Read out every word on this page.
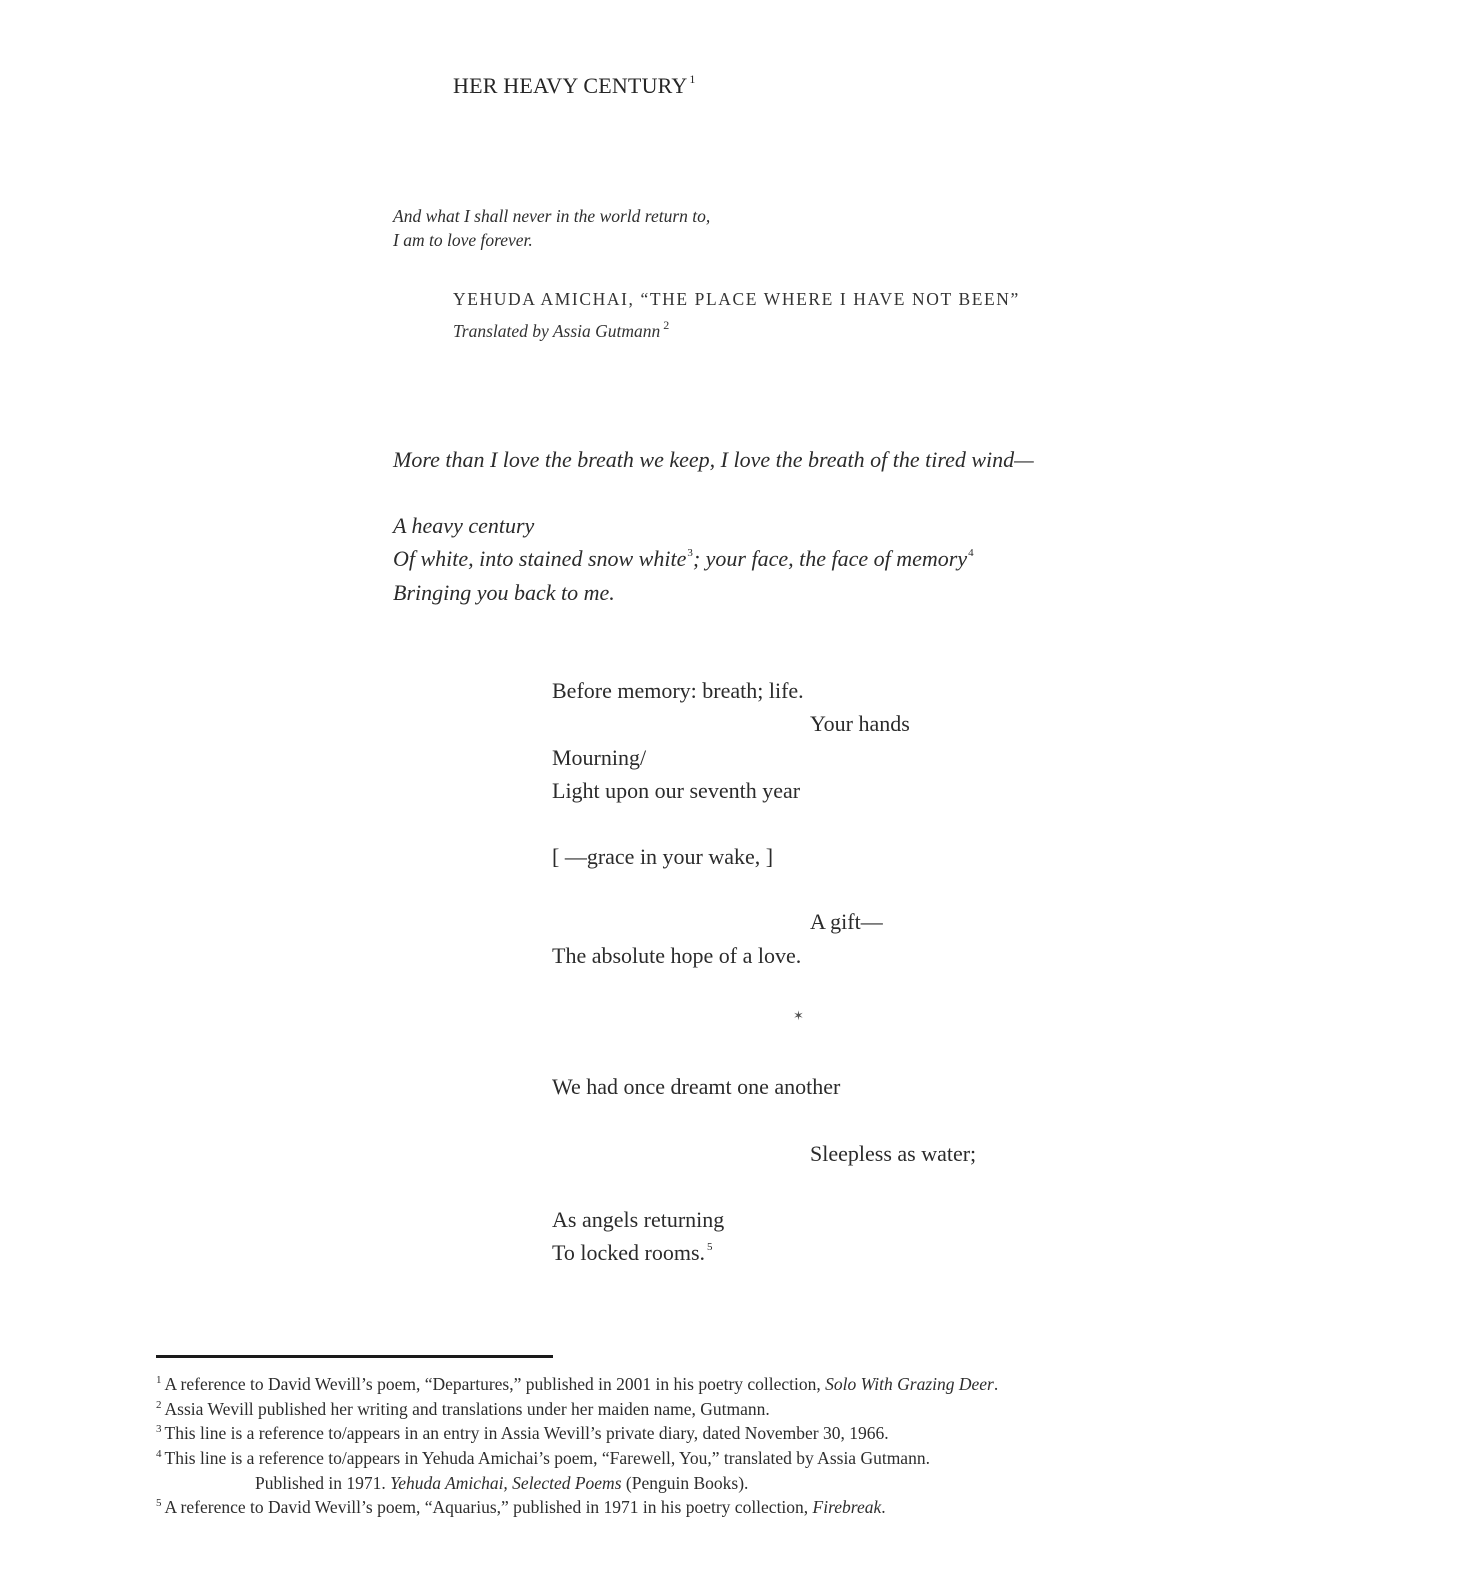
HER HEAVY CENTURY $^1$
And what I shall never in the world return to,
I am to love forever.
YEHUDA AMICHAI, “THE PLACE WHERE I HAVE NOT BEEN”
Translated by Assia Gutmann $^2$
More than I love the breath we keep, I love the breath of the tired wind—
A heavy century
Of white, into stained snow white$^3$; your face, the face of memory$^4$
Bringing you back to me.
Before memory: breath; life.
Your hands
Mourning/
Light upon our seventh year
[ —grace in your wake, ]
A gift—
The absolute hope of a love.
✶
We had once dreamt one another
Sleepless as water;
As angels returning
To locked rooms. $^5$
$^1$ A reference to David Wevill’s poem, “Departures,” published in 2001 in his poetry collection, Solo With Grazing Deer.
$^2$ Assia Wevill published her writing and translations under her maiden name, Gutmann.
$^3$ This line is a reference to/appears in an entry in Assia Wevill’s private diary, dated November 30, 1966.
$^4$ This line is a reference to/appears in Yehuda Amichai’s poem, “Farewell, You,” translated by Assia Gutmann.
Published in 1971. Yehuda Amichai, Selected Poems (Penguin Books).
$^5$ A reference to David Wevill’s poem, “Aquarius,” published in 1971 in his poetry collection, Firebreak.
